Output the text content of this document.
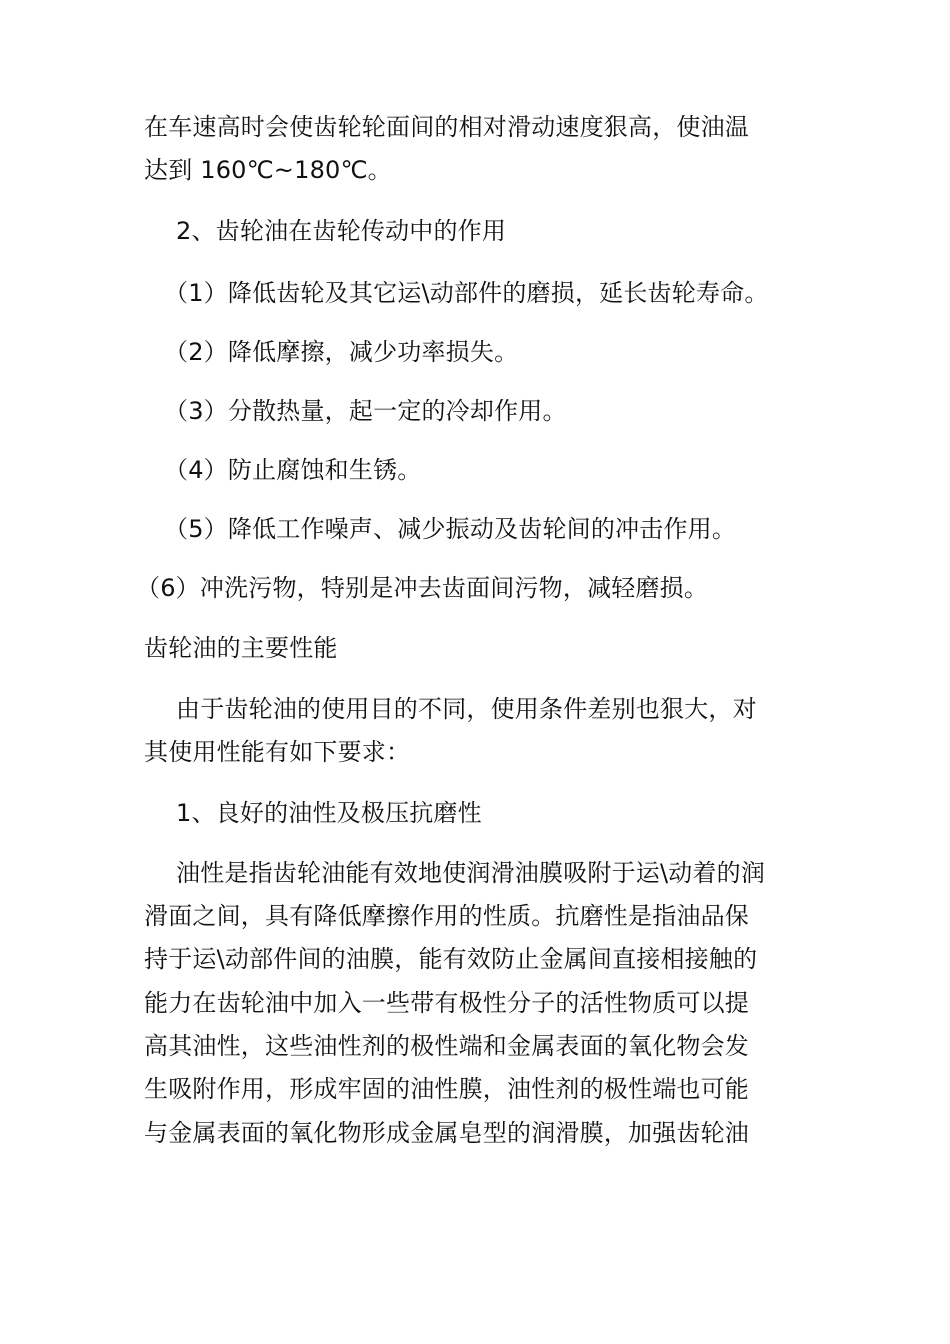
在车速高时会使齿轮轮面间的相对滑动速度狠高，使油温
达到 160℃~180℃。
2、齿轮油在齿轮传动中的作用
（1）降低齿轮及其它运\动部件的磨损，延长齿轮寿命。
（2）降低摩擦，减少功率损失。
（3）分散热量，起一定的冷却作用。
（4）防止腐蚀和生锈。
（5）降低工作噪声、减少振动及齿轮间的冲击作用。
（6）冲洗污物，特别是冲去齿面间污物，减轻磨损。
齿轮油的主要性能
由于齿轮油的使用目的不同，使用条件差别也狠大，对
其使用性能有如下要求：
1、良好的油性及极压抗磨性
油性是指齿轮油能有效地使润滑油膜吸附于运\动着的润
滑面之间，具有降低摩擦作用的性质。抗磨性是指油品保
持于运\动部件间的油膜，能有效防止金属间直接相接触的
能力在齿轮油中加入一些带有极性分子的活性物质可以提
高其油性，这些油性剂的极性端和金属表面的氧化物会发
生吸附作用，形成牢固的油性膜，油性剂的极性端也可能
与金属表面的氧化物形成金属皂型的润滑膜，加强齿轮油
